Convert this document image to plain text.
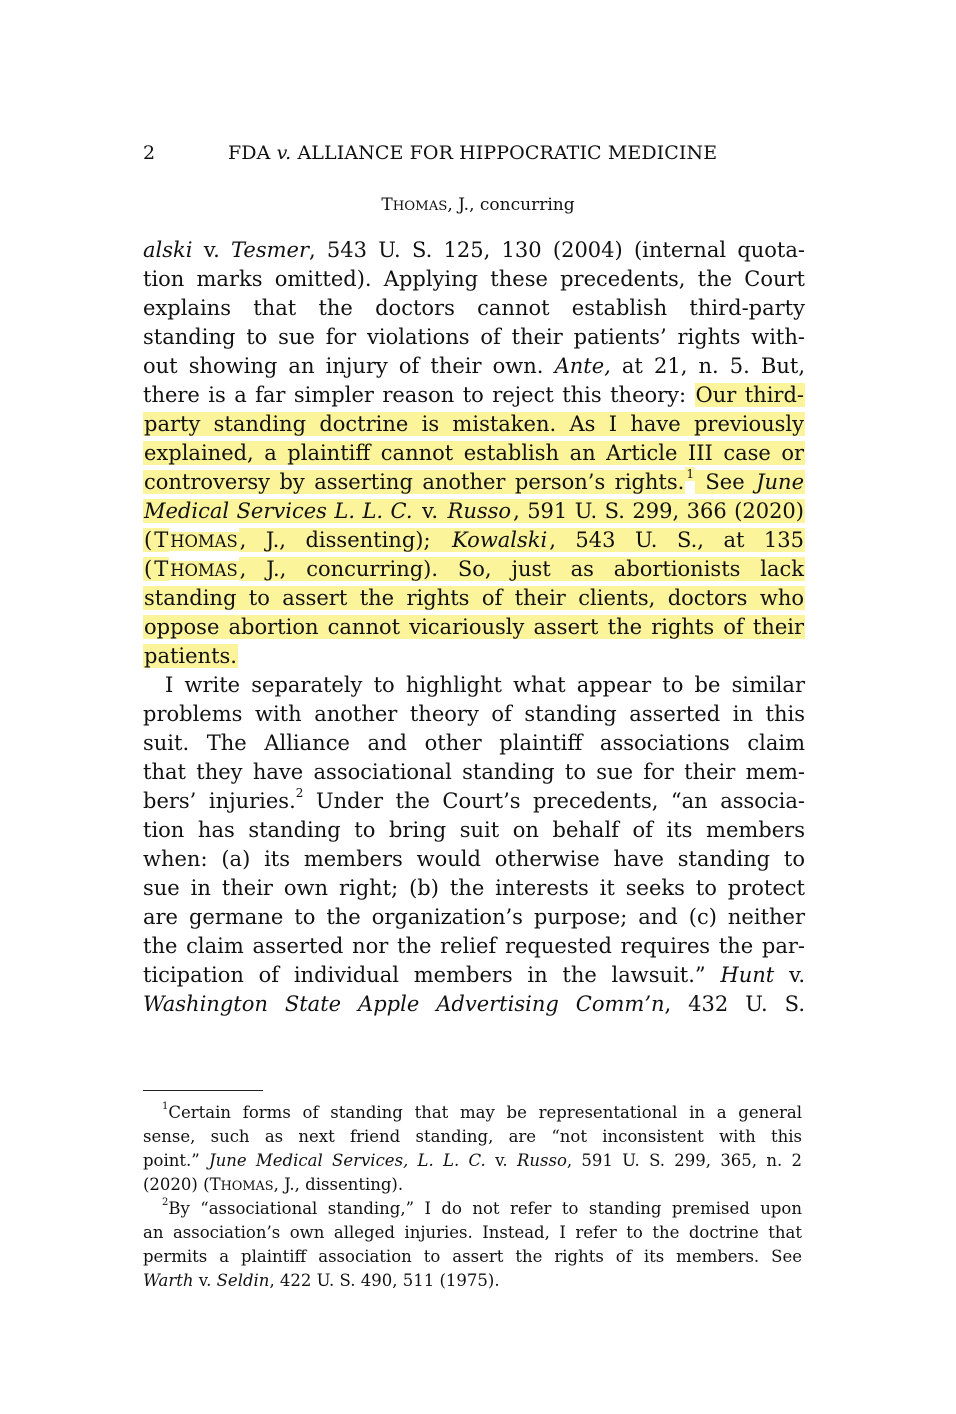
2	FDA v. ALLIANCE FOR HIPPOCRATIC MEDICINE
THOMAS, J., concurring
alski v. Tesmer, 543 U. S. 125, 130 (2004) (internal quota-
tion marks omitted). Applying these precedents, the Court
explains that the doctors cannot establish third-party
standing to sue for violations of their patients’ rights with-
out showing an injury of their own. Ante, at 21, n. 5. But,
there is a far simpler reason to reject this theory: Our third-
party standing doctrine is mistaken. As I have previously
explained, a plaintiff cannot establish an Article III case or
controversy by asserting another person’s rights. $^1$ See June
Medical Services L. L. C. v. Russo, 591 U. S. 299, 366 (2020)
(T HOMAS, J., dissenting); Kowalski, 543 U. S., at 135
(T HOMAS, J., concurring). So, just as abortionists lack
standing to assert the rights of their clients, doctors who
oppose abortion cannot vicariously assert the rights of their
patients.
I write separately to highlight what appear to be similar
problems with another theory of standing asserted in this
suit. The Alliance and other plaintiff associations claim
that they have associational standing to sue for their mem-
bers’ injuries.$^2$ Under the Court’s precedents, “an associa-
tion has standing to bring suit on behalf of its members
when: (a) its members would otherwise have standing to
sue in their own right; (b) the interests it seeks to protect
are germane to the organization’s purpose; and (c) neither
the claim asserted nor the relief requested requires the par-
ticipation of individual members in the lawsuit.” Hunt v.
Washington State Apple Advertising Comm’n, 432 U. S.
$^1$Certain forms of standing that may be representational in a general
sense, such as next friend standing, are “not inconsistent with this
point.” June Medical Services, L. L. C. v. Russo, 591 U. S. 299, 365, n. 2
(2020) (THOMAS, J., dissenting).
$^2$By “associational standing,” I do not refer to standing premised upon
an association’s own alleged injuries. Instead, I refer to the doctrine that
permits a plaintiff association to assert the rights of its members. See
Warth v. Seldin, 422 U. S. 490, 511 (1975).
